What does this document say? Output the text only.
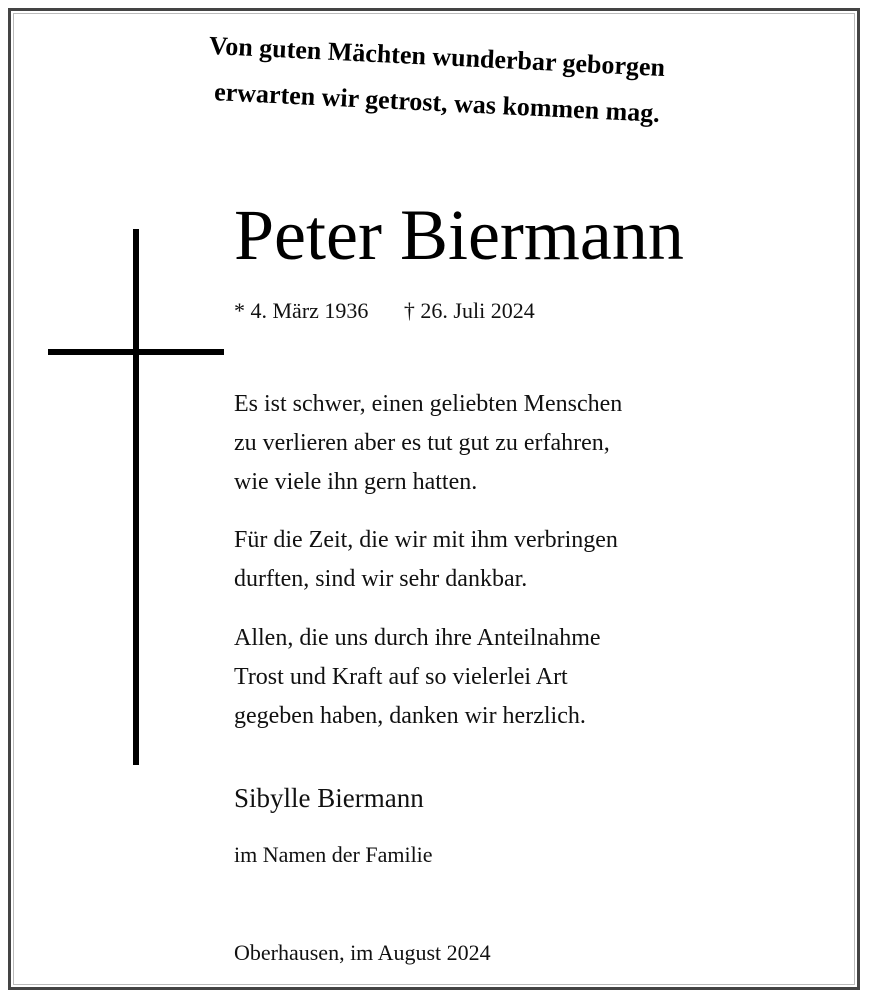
Von guten Mächten wunderbar geborgen
erwarten wir getrost, was kommen mag.
Peter Biermann
* 4. März 1936 † 26. Juli 2024
Es ist schwer, einen geliebten Menschen
zu verlieren aber es tut gut zu erfahren,
wie viele ihn gern hatten.
Für die Zeit, die wir mit ihm verbringen
durften, sind wir sehr dankbar.
Allen, die uns durch ihre Anteilnahme
Trost und Kraft auf so vielerlei Art
gegeben haben, danken wir herzlich.
Sibylle Biermann
im Namen der Familie
Oberhausen, im August 2024
